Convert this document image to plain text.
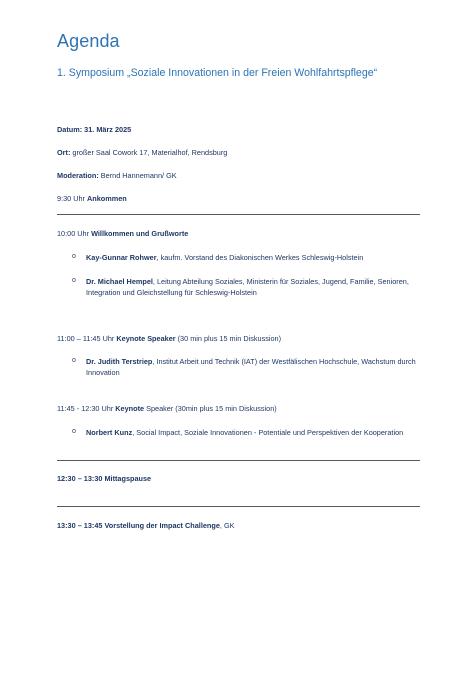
Agenda
1. Symposium „Soziale Innovationen in der Freien Wohlfahrtspflege“
Datum: 31. März 2025
Ort: großer Saal Cowork 17, Materialhof, Rendsburg
Moderation: Bernd Hannemann/ GK
9:30 Uhr Ankommen
10:00 Uhr Willkommen und Grußworte
o Kay-Gunnar Rohwer, kaufm. Vorstand des Diakonischen Werkes Schleswig-Holstein
o Dr. Michael Hempel, Leitung Abteilung Soziales, Ministerin für Soziales, Jugend, Familie, Senioren, Integration und Gleichstellung für Schleswig-Holstein
11:00 – 11:45 Uhr Keynote Speaker (30 min plus 15 min Diskussion)
o Dr. Judith Terstriep, Institut Arbeit und Technik (IAT) der Westfälischen Hochschule, Wachstum durch Innovation
11:45 - 12:30 Uhr Keynote Speaker (30min plus 15 min Diskussion)
o Norbert Kunz, Social Impact, Soziale Innovationen - Potentiale und Perspektiven der Kooperation
12:30 – 13:30 Mittagspause
13:30 – 13:45 Vorstellung der Impact Challenge, GK
